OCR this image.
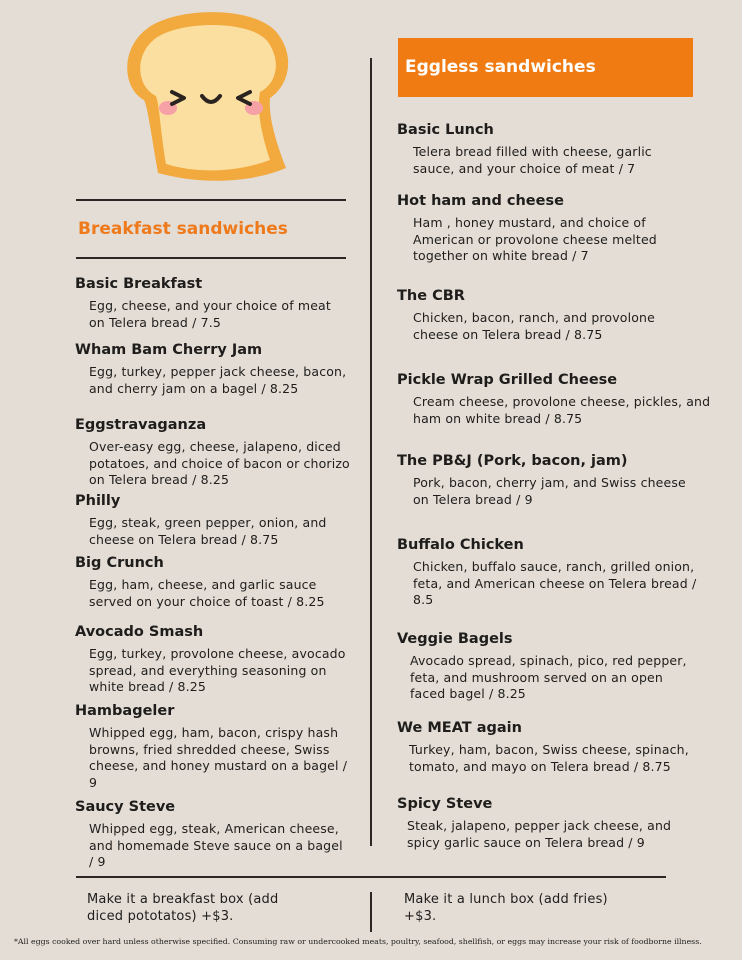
Breakfast sandwiches
Eggless sandwiches
Basic Breakfast
Egg, cheese, and your choice of meat on Telera bread / 7.5
Wham Bam Cherry Jam
Egg, turkey, pepper jack cheese, bacon, and cherry jam on a bagel / 8.25
Eggstravaganza
Over-easy egg, cheese, jalapeno, diced potatoes, and choice of bacon or chorizo on Telera bread / 8.25
Philly
Egg, steak, green pepper, onion, and cheese on Telera bread / 8.75
Big Crunch
Egg, ham, cheese, and garlic sauce served on your choice of toast / 8.25
Avocado Smash
Egg, turkey, provolone cheese, avocado spread, and everything seasoning on white bread / 8.25
Hambageler
Whipped egg, ham, bacon, crispy hash browns, fried shredded cheese, Swiss cheese, and honey mustard on a bagel / 9
Saucy Steve
Whipped egg, steak, American cheese, and homemade Steve sauce on a bagel / 9
Basic Lunch
Telera bread filled with cheese, garlic sauce, and your choice of meat / 7
Hot ham and cheese
Ham , honey mustard, and choice of American or provolone cheese melted together on white bread / 7
The CBR
Chicken, bacon, ranch, and provolone cheese on Telera bread / 8.75
Pickle Wrap Grilled Cheese
Cream cheese, provolone cheese, pickles, and ham on white bread / 8.75
The PB&J (Pork, bacon, jam)
Pork, bacon, cherry jam, and Swiss cheese on Telera bread / 9
Buffalo Chicken
Chicken, buffalo sauce, ranch, grilled onion, feta, and American cheese on Telera bread / 8.5
Veggie Bagels
Avocado spread, spinach, pico, red pepper, feta, and mushroom served on an open faced bagel / 8.25
We MEAT again
Turkey, ham, bacon, Swiss cheese, spinach, tomato, and mayo on Telera bread / 8.75
Spicy Steve
Steak, jalapeno, pepper jack cheese, and spicy garlic sauce on Telera bread / 9
Make it a breakfast box (add diced pototatos) +$3.
Make it a lunch box (add fries) +$3.
*All eggs cooked over hard unless otherwise specified. Consuming raw or undercooked meats, poultry, seafood, shellfish, or eggs may increase your risk of foodborne illness.
